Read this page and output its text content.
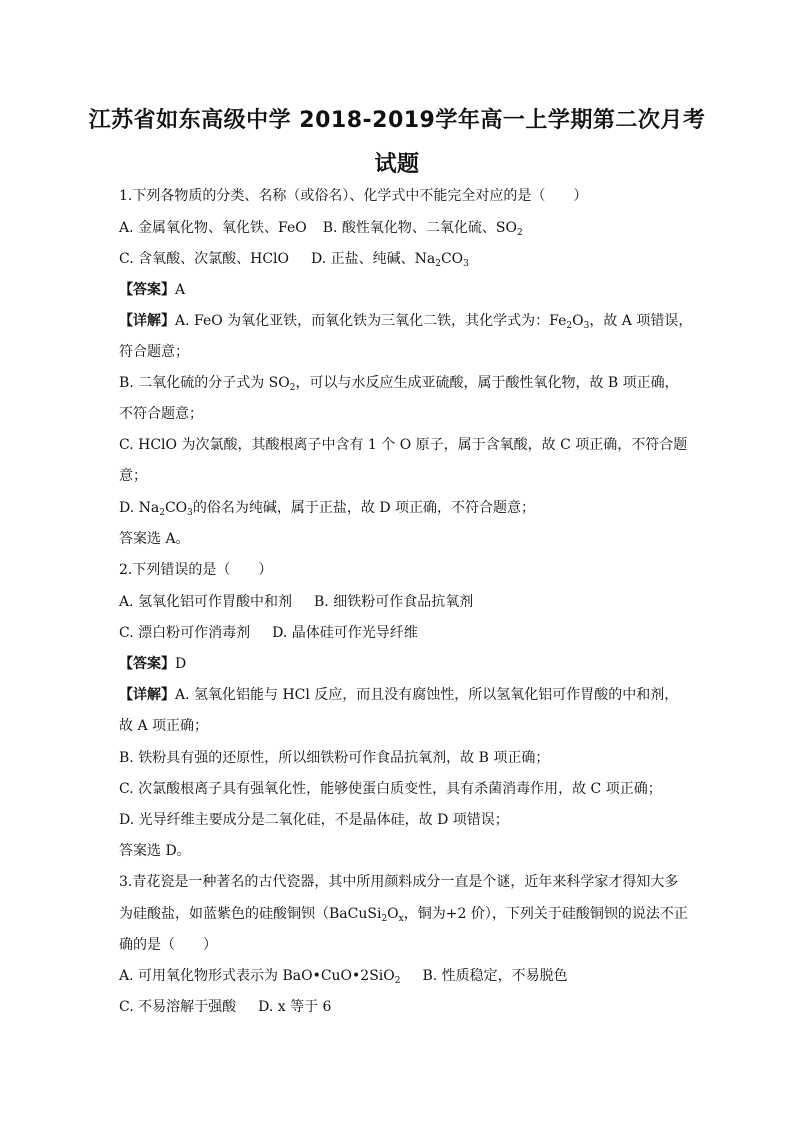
江苏省如东高级中学 2018-2019学年高一上学期第二次月考
试题
1.下列各物质的分类、名称（或俗名）、化学式中不能完全对应的是（　　）
A. 金属氧化物、氧化铁、FeO B. 酸性氧化物、二氧化硫、$SO_2$
C. 含氧酸、次氯酸、HClO D. 正盐、纯碱、$Na_2CO_3$
【答案】A
【详解】A. FeO 为氧化亚铁，而氧化铁为三氧化二铁，其化学式为：$Fe_2O_3$，故 A 项错误，
符合题意；
B. 二氧化硫的分子式为 $SO_2$，可以与水反应生成亚硫酸，属于酸性氧化物，故 B 项正确，
不符合题意；
C. HClO 为次氯酸，其酸根离子中含有 1 个 O 原子，属于含氧酸，故 C 项正确，不符合题
意；
D. $Na_2CO_3$的俗名为纯碱，属于正盐，故 D 项正确，不符合题意；
答案选 A。
2.下列错误的是（　　）
A. 氢氧化铝可作胃酸中和剂 B. 细铁粉可作食品抗氧剂
C. 漂白粉可作消毒剂 D. 晶体硅可作光导纤维
【答案】D
【详解】A. 氢氧化铝能与 HCl 反应，而且没有腐蚀性，所以氢氧化铝可作胃酸的中和剂，
故 A 项正确；
B. 铁粉具有强的还原性，所以细铁粉可作食品抗氧剂，故 B 项正确；
C. 次氯酸根离子具有强氧化性，能够使蛋白质变性，具有杀菌消毒作用，故 C 项正确；
D. 光导纤维主要成分是二氧化硅，不是晶体硅，故 D 项错误；
答案选 D。
3.青花瓷是一种著名的古代瓷器，其中所用颜料成分一直是个谜，近年来科学家才得知大多
为硅酸盐，如蓝紫色的硅酸铜钡（$BaCuSi_2O_x$，铜为+2 价），下列关于硅酸铜钡的说法不正
确的是（　　）
A. 可用氧化物形式表示为 BaO•CuO•2SiO$_2$ B. 性质稳定，不易脱色
C. 不易溶解于强酸 D. x 等于 6
